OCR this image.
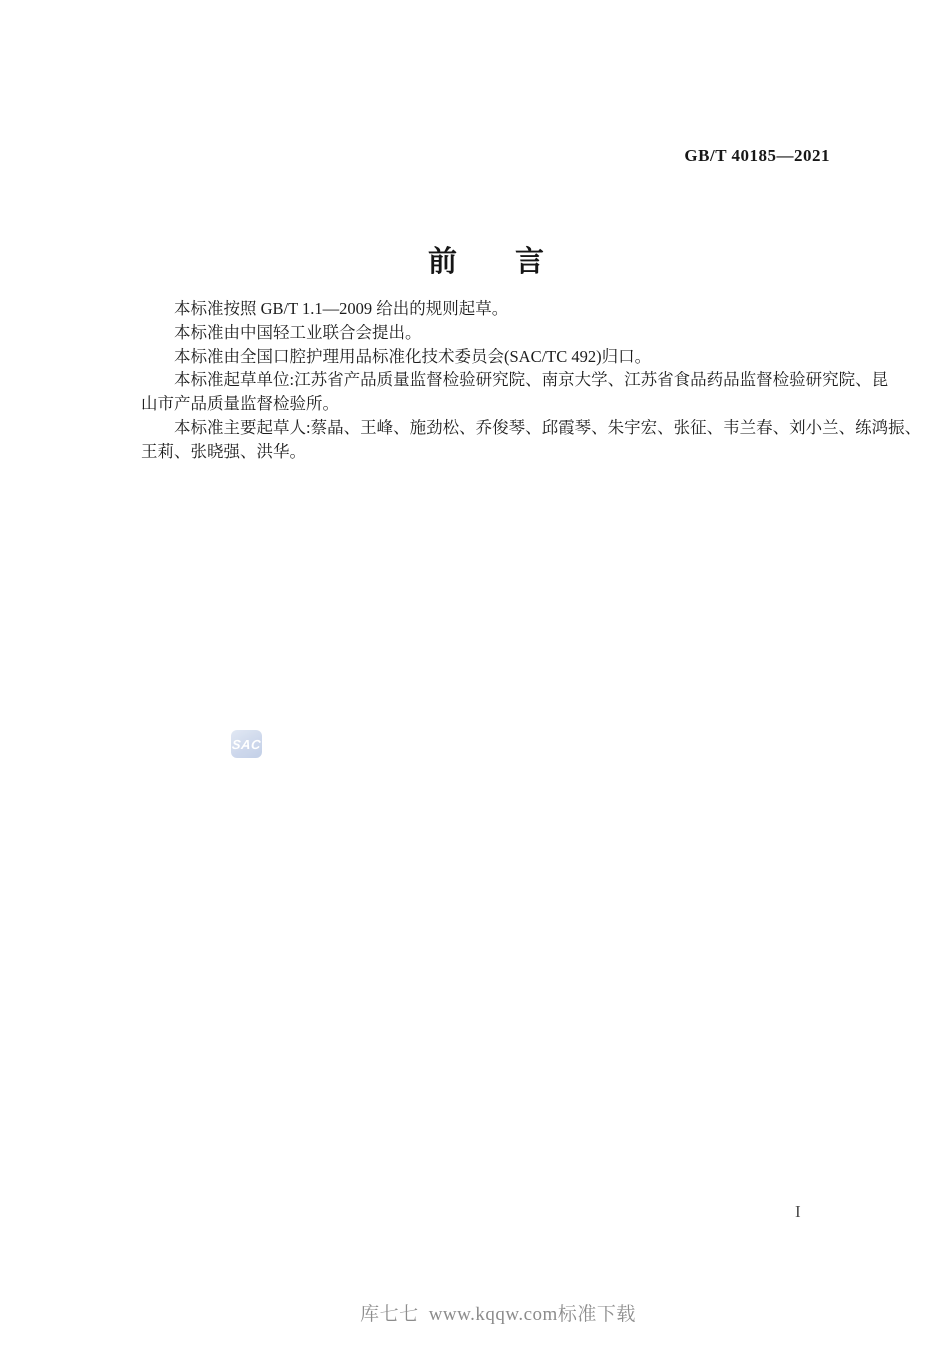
GB/T 40185—2021
前　　言
本标准按照 GB/T 1.1—2009 给出的规则起草。
本标准由中国轻工业联合会提出。
本标准由全国口腔护理用品标准化技术委员会(SAC/TC 492)归口。
本标准起草单位:江苏省产品质量监督检验研究院、南京大学、江苏省食品药品监督检验研究院、昆
山市产品质量监督检验所。
本标准主要起草人:蔡晶、王峰、施劲松、乔俊琴、邱霞琴、朱宇宏、张征、韦兰春、刘小兰、练鸿振、
王莉、张晓强、洪华。
SAC
I
库七七 www.kqqw.com标准下载
